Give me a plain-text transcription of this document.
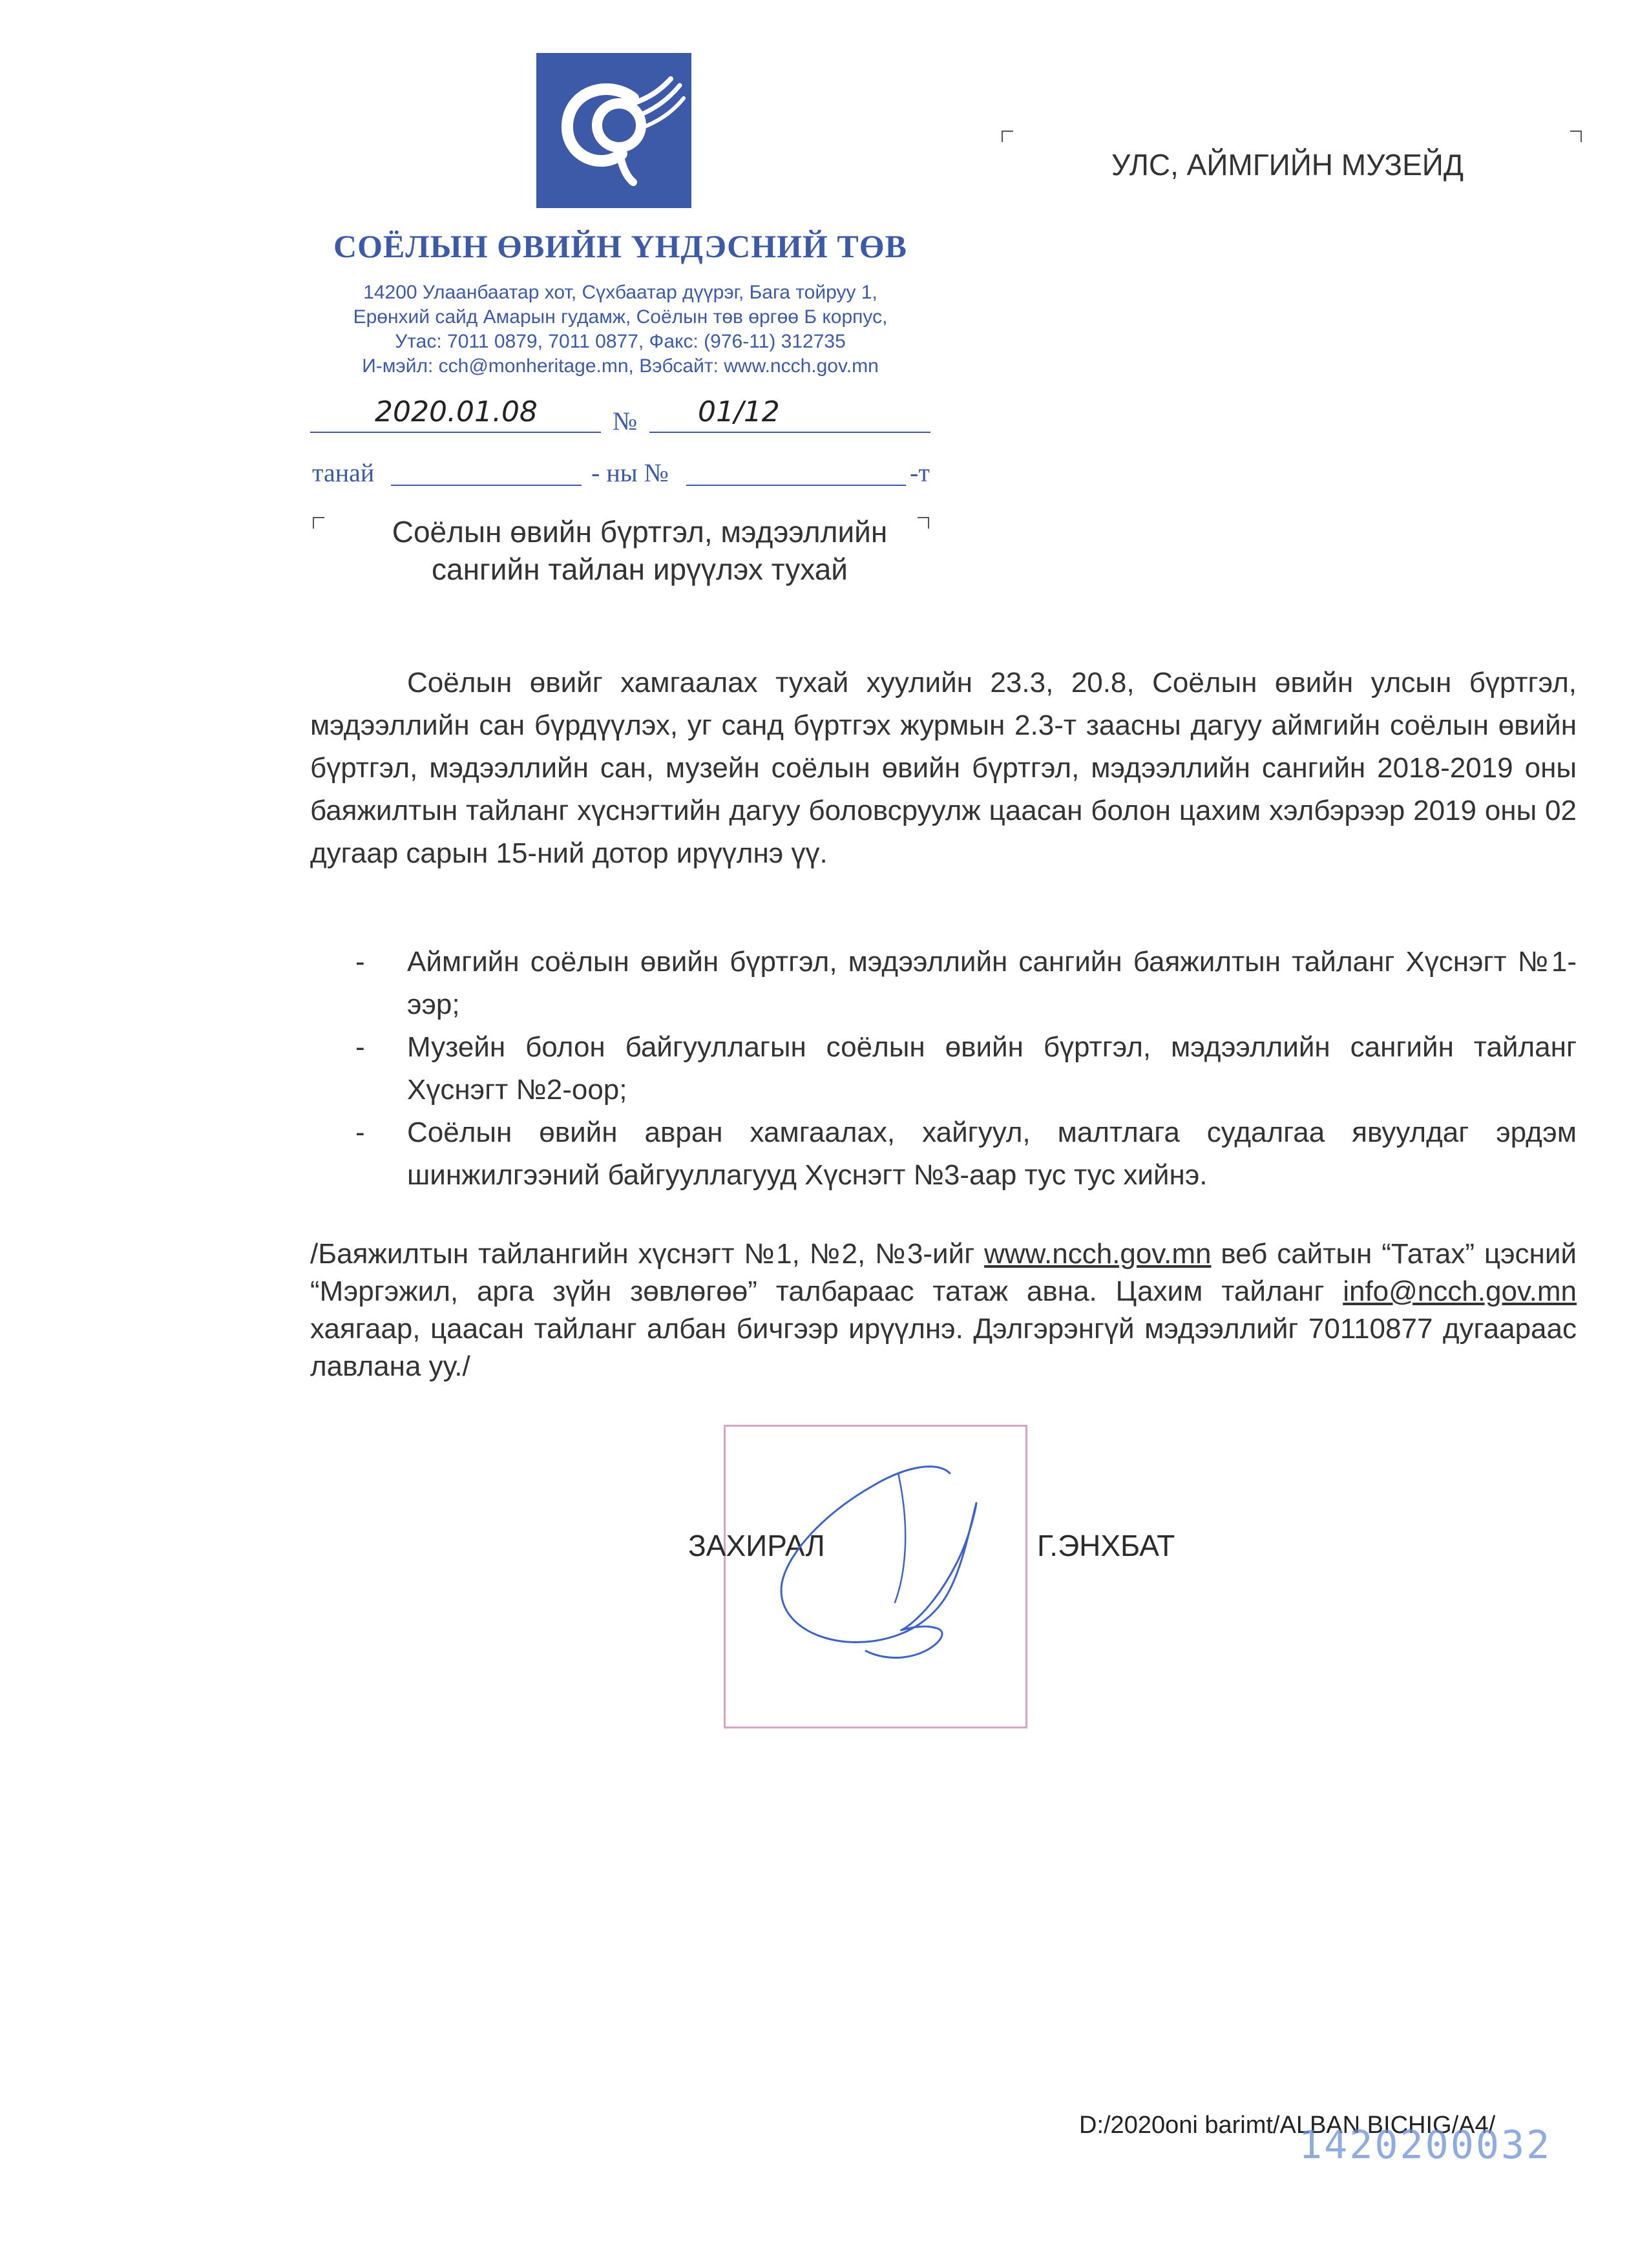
СОЁЛЫН ӨВИЙН ҮНДЭСНИЙ ТӨВ
14200 Улаанбаатар хот, Сүхбаатар дүүрэг, Бага тойруу 1,
Ерөнхий сайд Амарын гудамж, Соёлын төв өргөө Б корпус,
Утас: 7011 0879, 7011 0877, Факс: (976-11) 312735
И-мэйл: cch@monheritage.mn, Вэбсайт: www.ncch.gov.mn
2020.01.08	№ 01/12
танай	- ны №	-т
УЛС, АЙМГИЙН МУЗЕЙД
Соёлын өвийн бүртгэл, мэдээллийн
сангийн тайлан ирүүлэх тухай
Соёлын өвийг хамгаалах тухай хуулийн 23.3, 20.8, Соёлын өвийн улсын бүртгэл, мэдээллийн сан бүрдүүлэх, уг санд бүртгэх журмын 2.3-т заасны дагуу аймгийн соёлын өвийн бүртгэл, мэдээллийн сан, музейн соёлын өвийн бүртгэл, мэдээллийн сангийн 2018-2019 оны баяжилтын тайланг хүснэгтийн дагуу боловсруулж цаасан болон цахим хэлбэрээр 2019 оны 02 дугаар сарын 15-ний дотор ирүүлнэ үү.
- Аймгийн соёлын өвийн бүртгэл, мэдээллийн сангийн баяжилтын тайланг Хүснэгт №1-ээр;
- Музейн болон байгууллагын соёлын өвийн бүртгэл, мэдээллийн сангийн тайланг Хүснэгт №2-оор;
- Соёлын өвийн авран хамгаалах, хайгуул, малтлага судалгаа явуулдаг эрдэм шинжилгээний байгууллагууд Хүснэгт №3-аар тус тус хийнэ.
/Баяжилтын тайлангийн хүснэгт №1, №2, №3-ийг www.ncch.gov.mn веб сайтын “Татах” цэсний “Мэргэжил, арга зүйн зөвлөгөө” талбараас татаж авна. Цахим тайланг info@ncch.gov.mn хаягаар, цаасан тайланг албан бичгээр ирүүлнэ. Дэлгэрэнгүй мэдээллийг 70110877 дугаараас лавлана уу./
ЗАХИРАЛ	Г.ЭНХБАТ
D:/2020oni barimt/ALBAN BICHIG/A4/
1420200032
